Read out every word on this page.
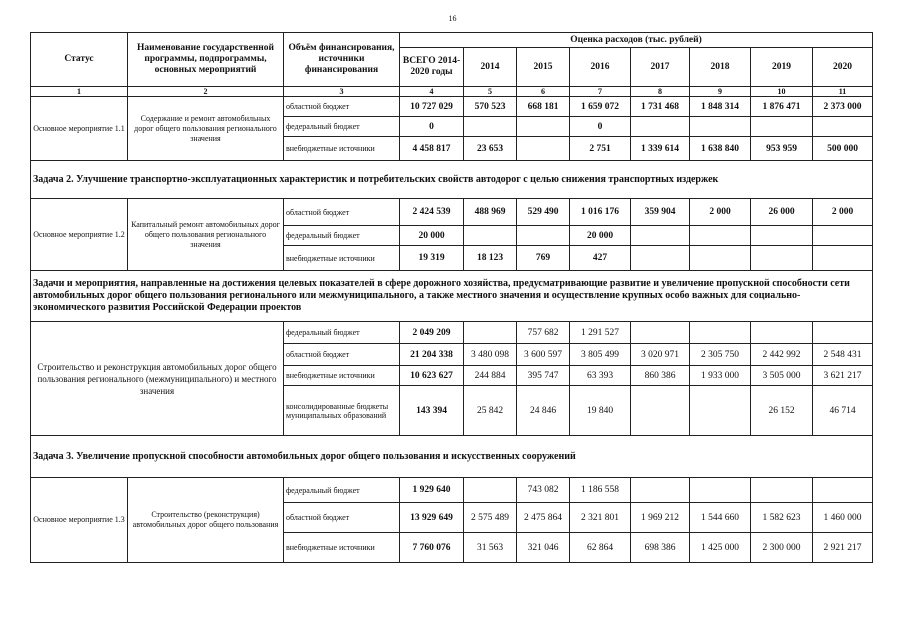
16
Статус	Наименование государственной программы, подпрограммы, основных мероприятий	Объём финансирования, источники финансирования	Оценка расходов (тыс. рублей)							
			ВСЕГО 2014-2020 годы	2014	2015	2016	2017	2018	2019	2020
1	2	3	4	5	6	7	8	9	10	11
Основное мероприятие 1.1	Содержание и ремонт автомобильных дорог общего пользования регионального значения	областной бюджет	10 727 029	570 523	668 181	1 659 072	1 731 468	1 848 314	1 876 471	2 373 000
		федеральный бюджет	0			0				
		внебюджетные источники	4 458 817	23 653		2 751	1 339 614	1 638 840	953 959	500 000
Задача 2. Улучшение транспортно-эксплуатационных характеристик и потребительских свойств автодорог с целью снижения транспортных издержек										
Основное мероприятие 1.2	Капитальный ремонт автомобильных дорог общего пользования регионального значения	областной бюджет	2 424 539	488 969	529 490	1 016 176	359 904	2 000	26 000	2 000
		федеральный бюджет	20 000			20 000				
		внебюджетные источники	19 319	18 123	769	427				
Задачи и мероприятия, направленные на достижения целевых показателей в сфере дорожного хозяйства, предусматривающие развитие и увеличение пропускной способности сети автомобильных дорог общего пользования регионального или межмуниципального, а также местного значения и осуществление крупных особо важных для социально-экономического развития Российской Федерации проектов										
Строительство и реконструкция автомобильных дорог общего пользования регионального (межмуниципального) и местного значения		федеральный бюджет	2 049 209		757 682	1 291 527				
		областной бюджет	21 204 338	3 480 098	3 600 597	3 805 499	3 020 971	2 305 750	2 442 992	2 548 431
		внебюджетные источники	10 623 627	244 884	395 747	63 393	860 386	1 933 000	3 505 000	3 621 217
		консолидированные бюджеты муниципальных образований	143 394	25 842	24 846	19 840			26 152	46 714
Задача 3. Увеличение пропускной способности автомобильных дорог общего пользования и искусственных сооружений										
Основное мероприятие 1.3	Строительство (реконструкция) автомобильных дорог общего пользования	федеральный бюджет	1 929 640		743 082	1 186 558				
		областной бюджет	13 929 649	2 575 489	2 475 864	2 321 801	1 969 212	1 544 660	1 582 623	1 460 000
		внебюджетные источники	7 760 076	31 563	321 046	62 864	698 386	1 425 000	2 300 000	2 921 217
